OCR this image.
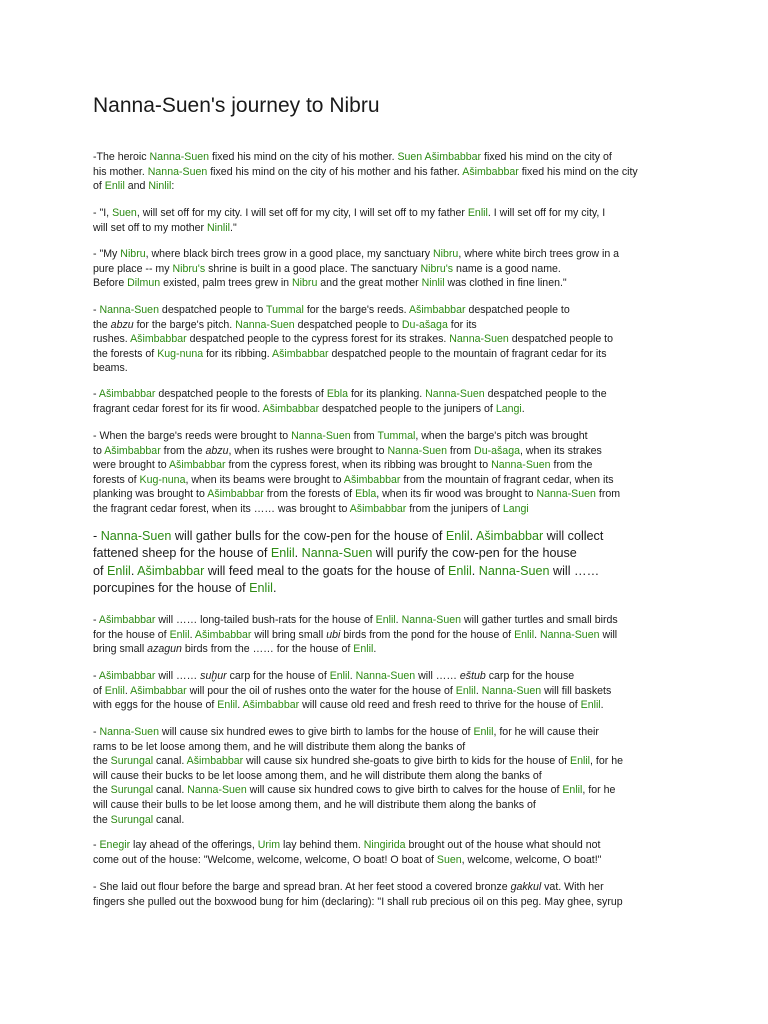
Nanna-Suen's journey to Nibru

-The heroic Nanna-Suen fixed his mind on the city of his mother. Suen Ašimbabbar fixed his mind on the city of
his mother. Nanna-Suen fixed his mind on the city of his mother and his father. Ašimbabbar fixed his mind on the city
of Enlil and Ninlil:

- "I, Suen, will set off for my city. I will set off for my city, I will set off to my father Enlil. I will set off for my city, I
will set off to my mother Ninlil."

- "My Nibru, where black birch trees grow in a good place, my sanctuary Nibru, where white birch trees grow in a
pure place -- my Nibru's shrine is built in a good place. The sanctuary Nibru's name is a good name.
Before Dilmun existed, palm trees grew in Nibru and the great mother Ninlil was clothed in fine linen."

- Nanna-Suen despatched people to Tummal for the barge's reeds. Ašimbabbar despatched people to
the abzu for the barge's pitch. Nanna-Suen despatched people to Du-ašaga for its
rushes. Ašimbabbar despatched people to the cypress forest for its strakes. Nanna-Suen despatched people to
the forests of Kug-nuna for its ribbing. Ašimbabbar despatched people to the mountain of fragrant cedar for its
beams.

- Ašimbabbar despatched people to the forests of Ebla for its planking. Nanna-Suen despatched people to the
fragrant cedar forest for its fir wood. Ašimbabbar despatched people to the junipers of Langi.

- When the barge's reeds were brought to Nanna-Suen from Tummal, when the barge's pitch was brought
to Ašimbabbar from the abzu, when its rushes were brought to Nanna-Suen from Du-ašaga, when its strakes
were brought to Ašimbabbar from the cypress forest, when its ribbing was brought to Nanna-Suen from the
forests of Kug-nuna, when its beams were brought to Ašimbabbar from the mountain of fragrant cedar, when its
planking was brought to Ašimbabbar from the forests of Ebla, when its fir wood was brought to Nanna-Suen from
the fragrant cedar forest, when its …… was brought to Ašimbabbar from the junipers of Langi

- Nanna-Suen will gather bulls for the cow-pen for the house of Enlil. Ašimbabbar will collect
fattened sheep for the house of Enlil. Nanna-Suen will purify the cow-pen for the house
of Enlil. Ašimbabbar will feed meal to the goats for the house of Enlil. Nanna-Suen will ……
porcupines for the house of Enlil.

- Ašimbabbar will …… long-tailed bush-rats for the house of Enlil. Nanna-Suen will gather turtles and small birds
for the house of Enlil. Ašimbabbar will bring small ubi birds from the pond for the house of Enlil. Nanna-Suen will
bring small azagun birds from the …… for the house of Enlil.

- Ašimbabbar will …… suḫur carp for the house of Enlil. Nanna-Suen will …… eštub carp for the house
of Enlil. Ašimbabbar will pour the oil of rushes onto the water for the house of Enlil. Nanna-Suen will fill baskets
with eggs for the house of Enlil. Ašimbabbar will cause old reed and fresh reed to thrive for the house of Enlil.

- Nanna-Suen will cause six hundred ewes to give birth to lambs for the house of Enlil, for he will cause their
rams to be let loose among them, and he will distribute them along the banks of
the Surungal canal. Ašimbabbar will cause six hundred she-goats to give birth to kids for the house of Enlil, for he
will cause their bucks to be let loose among them, and he will distribute them along the banks of
the Surungal canal. Nanna-Suen will cause six hundred cows to give birth to calves for the house of Enlil, for he
will cause their bulls to be let loose among them, and he will distribute them along the banks of
the Surungal canal.

- Enegir lay ahead of the offerings, Urim lay behind them. Ningirida brought out of the house what should not
come out of the house: "Welcome, welcome, welcome, O boat! O boat of Suen, welcome, welcome, O boat!"

- She laid out flour before the barge and spread bran. At her feet stood a covered bronze gakkul vat. With her
fingers she pulled out the boxwood bung for him (declaring): "I shall rub precious oil on this peg. May ghee, syrup
